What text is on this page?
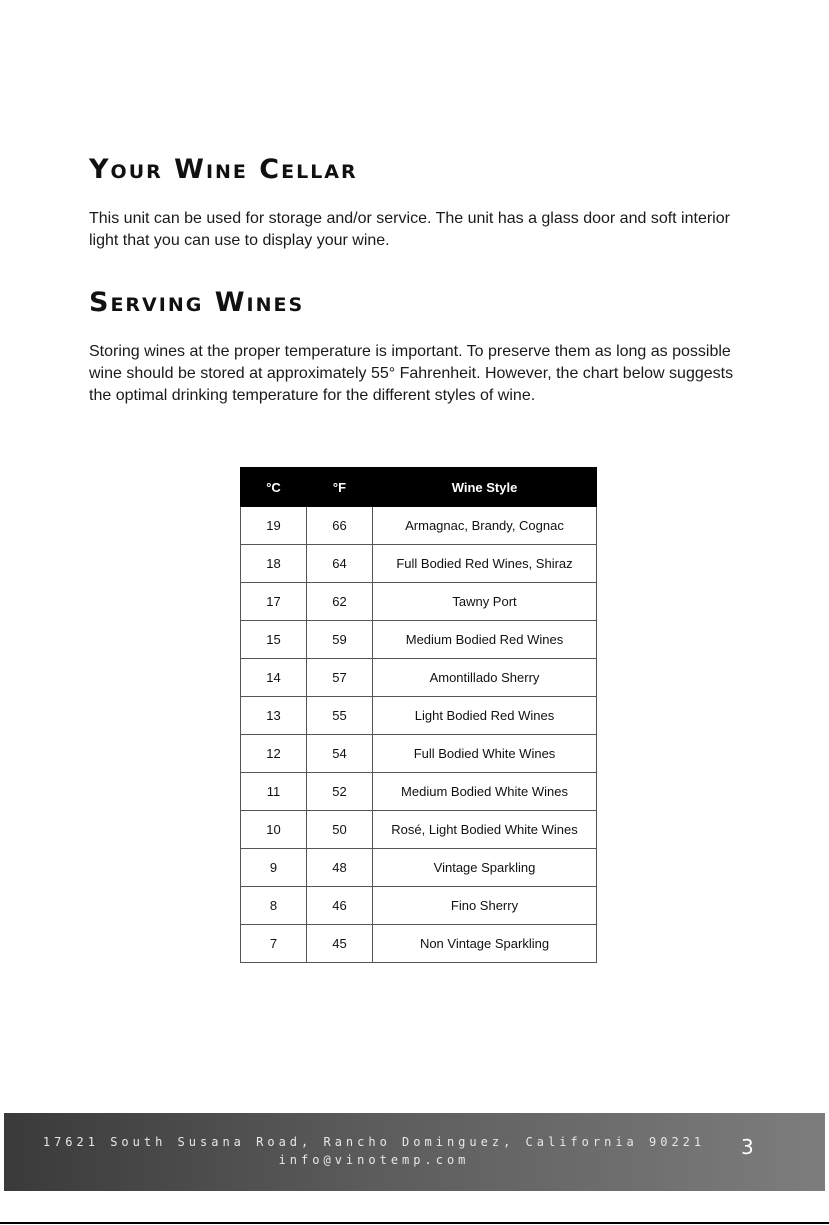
Your Wine Cellar

This unit can be used for storage and/or service. The unit has a glass door and soft interior light that you can use to display your wine.

Serving Wines

Storing wines at the proper temperature is important. To preserve them as long as possible wine should be stored at approximately 55° Fahrenheit. However, the chart below suggests the optimal drinking temperature for the different styles of wine.

°C	°F	Wine Style
19	66	Armagnac, Brandy, Cognac
18	64	Full Bodied Red Wines, Shiraz
17	62	Tawny Port
15	59	Medium Bodied Red Wines
14	57	Amontillado Sherry
13	55	Light Bodied Red Wines
12	54	Full Bodied White Wines
11	52	Medium Bodied White Wines
10	50	Rosé, Light Bodied White Wines
9	48	Vintage Sparkling
8	46	Fino Sherry
7	45	Non Vintage Sparkling
17621 South Susana Road, Rancho Dominguez, California 90221
info@vinotemp.com
3
